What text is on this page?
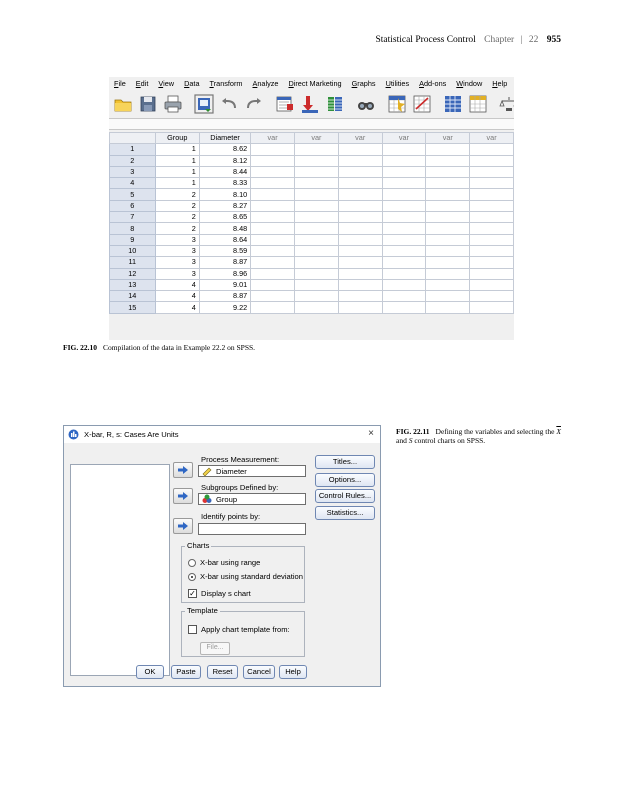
Statistical Process Control Chapter | 22 955
File	Edit	View	Data	Transform	Analyze	Direct Marketing	Graphs	Utilities	Add-ons	Window	Help
	Group	Diameter	var	var	var	var	var	var
1	1	8.62						
2	1	8.12						
3	1	8.44						
4	1	8.33						
5	2	8.10						
6	2	8.27						
7	2	8.65						
8	2	8.48						
9	3	8.64						
10	3	8.59						
11	3	8.87						
12	3	8.96						
13	4	9.01						
14	4	8.87						
15	4	9.22						
FIG. 22.10 Compilation of the data in Example 22.2 on SPSS.
FIG. 22.11 Defining the variables and selecting the $\overline{X}$ and S control charts on SPSS.
X-bar, R, s: Cases Are Units	×
Process Measurement:
Diameter
Subgroups Defined by:
Group
Identify points by:
Titles...
Options...
Control Rules...
Statistics...
Charts
X-bar using range
X-bar using standard deviation
✓ Display s chart
Template
Apply chart template from:
File...
OK	Paste	Reset	Cancel	Help
